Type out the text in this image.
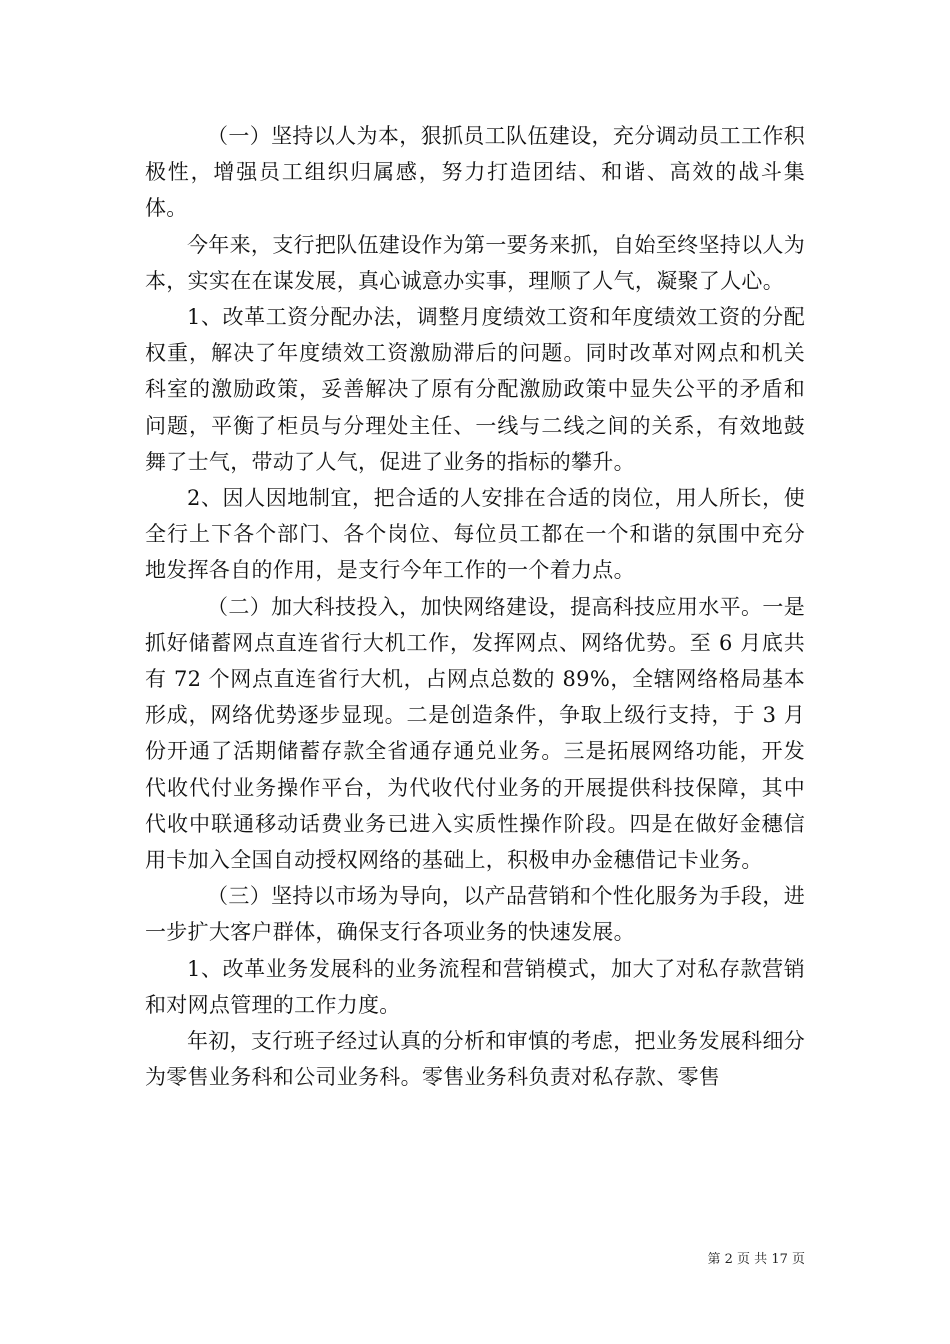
（一）坚持以人为本，狠抓员工队伍建设，充分调动员工工作积极性，增强员工组织归属感，努力打造团结、和谐、高效的战斗集体。

今年来，支行把队伍建设作为第一要务来抓，自始至终坚持以人为本，实实在在谋发展，真心诚意办实事，理顺了人气，凝聚了人心。

1、改革工资分配办法，调整月度绩效工资和年度绩效工资的分配权重，解决了年度绩效工资激励滞后的问题。同时改革对网点和机关科室的激励政策，妥善解决了原有分配激励政策中显失公平的矛盾和问题，平衡了柜员与分理处主任、一线与二线之间的关系，有效地鼓舞了士气，带动了人气，促进了业务的指标的攀升。

2、因人因地制宜，把合适的人安排在合适的岗位，用人所长，使全行上下各个部门、各个岗位、每位员工都在一个和谐的氛围中充分地发挥各自的作用，是支行今年工作的一个着力点。

（二）加大科技投入，加快网络建设，提高科技应用水平。一是抓好储蓄网点直连省行大机工作，发挥网点、网络优势。至 6 月底共有 72 个网点直连省行大机，占网点总数的 89%，全辖网络格局基本形成，网络优势逐步显现。二是创造条件，争取上级行支持，于 3 月份开通了活期储蓄存款全省通存通兑业务。三是拓展网络功能，开发代收代付业务操作平台，为代收代付业务的开展提供科技保障，其中代收中联通移动话费业务已进入实质性操作阶段。四是在做好金穗信用卡加入全国自动授权网络的基础上，积极申办金穗借记卡业务。

（三）坚持以市场为导向，以产品营销和个性化服务为手段，进一步扩大客户群体，确保支行各项业务的快速发展。

1、改革业务发展科的业务流程和营销模式，加大了对私存款营销和对网点管理的工作力度。

年初，支行班子经过认真的分析和审慎的考虑，把业务发展科细分为零售业务科和公司业务科。零售业务科负责对私存款、零售

第 2 页 共 17 页
